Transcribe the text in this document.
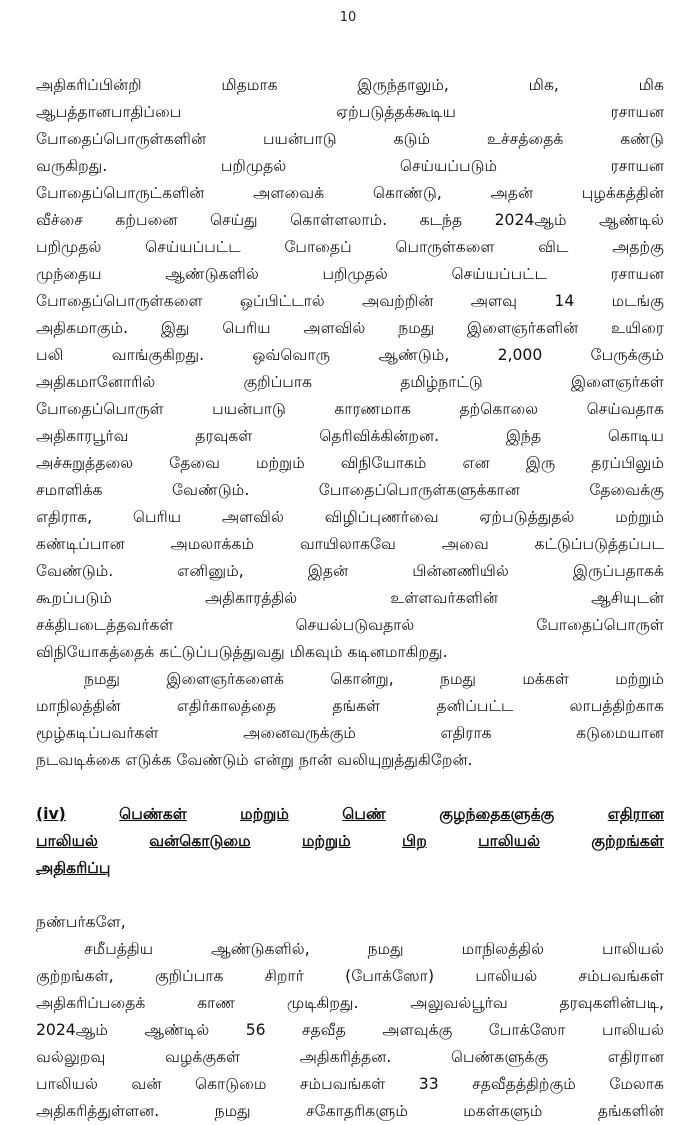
10
அதிகரிப்பின்றி	மிதமாக	இருந்தாலும்,	மிக,	மிக
ஆபத்தானபாதிப்பை	ஏற்படுத்தக்கூடிய	ரசாயன
போதைப்பொருள்களின்	பயன்பாடு	கடும்	உச்சத்தைக்	கண்டு
வருகிறது.	பறிமுதல்	செய்யப்படும்	ரசாயன
போதைப்பொருட்களின்	அளவைக்	கொண்டு,	அதன்	புழக்கத்தின்
வீச்சை கற்பனை செய்து கொள்ளலாம். கடந்த 2024ஆம் ஆண்டில்
பறிமுதல்	செய்யப்பட்ட	போதைப்	பொருள்களை	விட	அதற்கு
முந்தைய	ஆண்டுகளில்	பறிமுதல்	செய்யப்பட்ட	ரசாயன
போதைப்பொருள்களை ஒப்பிட்டால் அவற்றின் அளவு 14 மடங்கு
அதிகமாகும். இது பெரிய அளவில் நமது இளைஞர்களின் உயிரை
பலி	வாங்குகிறது.	ஒவ்வொரு	ஆண்டும்,	2,000	பேருக்கும்
அதிகமானோரில்	குறிப்பாக	தமிழ்நாட்டு	இளைஞர்கள்
போதைப்பொருள்	பயன்பாடு	காரணமாக	தற்கொலை	செய்வதாக
அதிகாரபூர்வ	தரவுகள்	தெரிவிக்கின்றன.	இந்த	கொடிய
அச்சுறுத்தலை தேவை மற்றும் விநியோகம் என இரு தரப்பிலும்
சமாளிக்க	வேண்டும்.	போதைப்பொருள்களுக்கான	தேவைக்கு
எதிராக,	பெரிய	அளவில்	விழிப்புணர்வை	ஏற்படுத்துதல்	மற்றும்
கண்டிப்பான	அமலாக்கம்	வாயிலாகவே	அவை	கட்டுப்படுத்தப்பட
வேண்டும்.	எனினும்,	இதன்	பின்னணியில்	இருப்பதாகக்
கூறப்படும்	அதிகாரத்தில்	உள்ளவர்களின்	ஆசியுடன்
சக்திபடைத்தவர்கள்	செயல்படுவதால்	போதைப்பொருள்
விநியோகத்தைக் கட்டுப்படுத்துவது மிகவும் கடினமாகிறது.
நமது	இளைஞர்களைக்	கொன்று,	நமது	மக்கள்	மற்றும்
மாநிலத்தின்	எதிர்காலத்தை	தங்கள்	தனிப்பட்ட	லாபத்திற்காக
மூழ்கடிப்பவர்கள்	அனைவருக்கும்	எதிராக	கடுமையான
நடவடிக்கை எடுக்க வேண்டும் என்று நான் வலியுறுத்துகிறேன்.
(iv)	பெண்கள்	மற்றும்	பெண்	குழந்தைகளுக்கு	எதிரான
பாலியல்	வன்கொடுமை	மற்றும்	பிற	பாலியல்	குற்றங்கள்
அதிகரிப்பு
நண்பர்களே,
சமீபத்திய	ஆண்டுகளில்,	நமது	மாநிலத்தில்	பாலியல்
குற்றங்கள்,	குறிப்பாக	சிறார்	(போக்ஸோ)	பாலியல்	சம்பவங்கள்
அதிகரிப்பதைக்	காண	முடிகிறது.	அலுவல்பூர்வ	தரவுகளின்படி,
2024ஆம் ஆண்டில் 56 சதவீத அளவுக்கு போக்ஸோ பாலியல்
வல்லுறவு	வழக்குகள்	அதிகரித்தன.	பெண்களுக்கு	எதிரான
பாலியல் வன் கொடுமை சம்பவங்கள் 33 சதவீதத்திற்கும் மேலாக
அதிகரித்துள்ளன.	நமது	சகோதரிகளும்	மகள்களும்	தங்களின்
